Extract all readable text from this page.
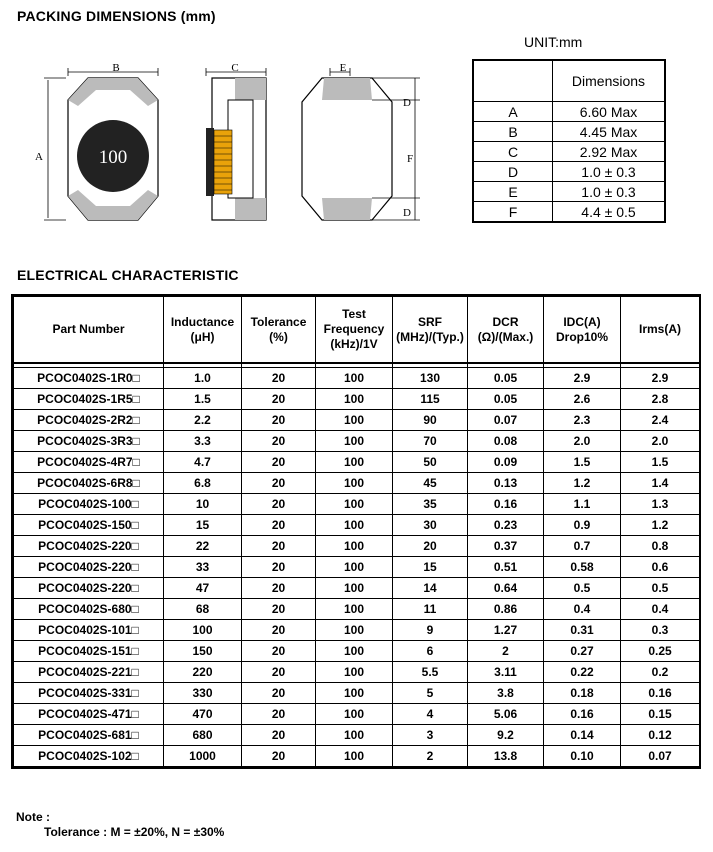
PACKING DIMENSIONS (mm)
UNIT:mm
100
B
A
C	E
D
F
D
	Dimensions
A	6.60 Max
B	4.45 Max
C	2.92 Max
D	1.0 ± 0.3
E	1.0 ± 0.3
F	4.4 ± 0.5
ELECTRICAL CHARACTERISTIC
Part Number	Inductance (μH)	Tolerance (%)	Test Frequency (kHz)/1V	SRF (MHz)/(Typ.)	DCR (Ω)/(Max.)	IDC(A) Drop10%	Irms(A)

PCOC0402S-1R0□	1.0	20	100	130	0.05	2.9	2.9
PCOC0402S-1R5□	1.5	20	100	115	0.05	2.6	2.8
PCOC0402S-2R2□	2.2	20	100	90	0.07	2.3	2.4
PCOC0402S-3R3□	3.3	20	100	70	0.08	2.0	2.0
PCOC0402S-4R7□	4.7	20	100	50	0.09	1.5	1.5
PCOC0402S-6R8□	6.8	20	100	45	0.13	1.2	1.4
PCOC0402S-100□	10	20	100	35	0.16	1.1	1.3
PCOC0402S-150□	15	20	100	30	0.23	0.9	1.2
PCOC0402S-220□	22	20	100	20	0.37	0.7	0.8
PCOC0402S-220□	33	20	100	15	0.51	0.58	0.6
PCOC0402S-220□	47	20	100	14	0.64	0.5	0.5
PCOC0402S-680□	68	20	100	11	0.86	0.4	0.4
PCOC0402S-101□	100	20	100	9	1.27	0.31	0.3
PCOC0402S-151□	150	20	100	6	2	0.27	0.25
PCOC0402S-221□	220	20	100	5.5	3.11	0.22	0.2
PCOC0402S-331□	330	20	100	5	3.8	0.18	0.16
PCOC0402S-471□	470	20	100	4	5.06	0.16	0.15
PCOC0402S-681□	680	20	100	3	9.2	0.14	0.12
PCOC0402S-102□	1000	20	100	2	13.8	0.10	0.07
Note :
Tolerance : M = ±20%, N = ±30%
